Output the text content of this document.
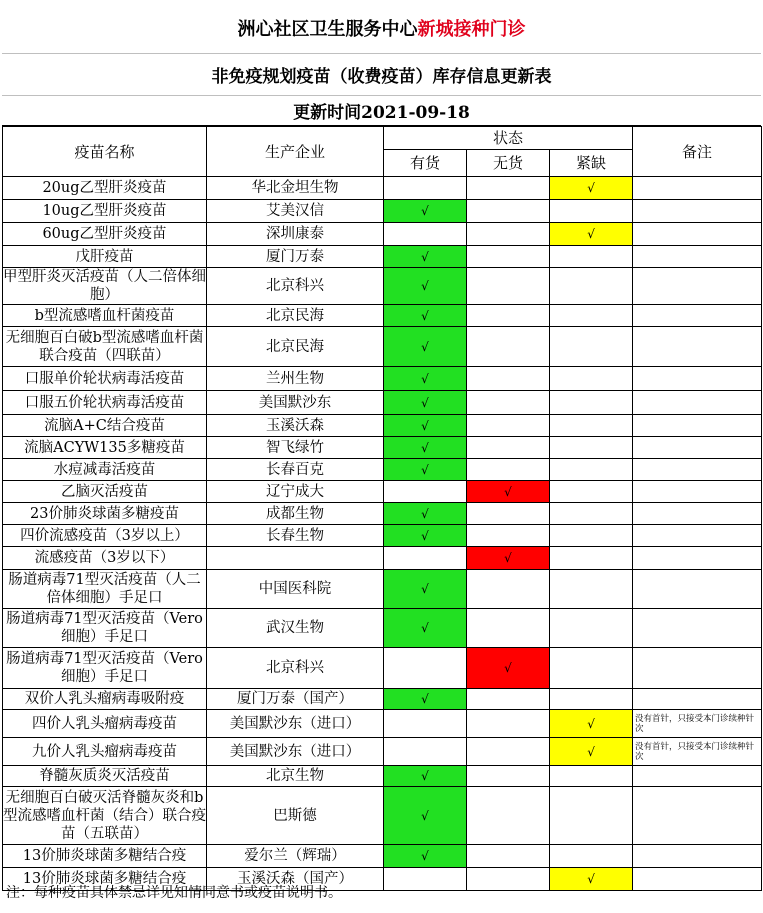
洲心社区卫生服务中心 新城接种门诊
非免疫规划疫苗（收费疫苗）库存信息更新表
更新时间2021-09-18
疫苗名称	生产企业	状态			备注
		有货	无货	紧缺	
20ug乙型肝炎疫苗	华北金坦生物			√	
10ug乙型肝炎疫苗	艾美汉信	√			
60ug乙型肝炎疫苗	深圳康泰			√	
戊肝疫苗	厦门万泰	√			
甲型肝炎灭活疫苗（人二倍体细胞）	北京科兴	√			
b型流感嗜血杆菌疫苗	北京民海	√			
无细胞百白破b型流感嗜血杆菌联合疫苗（四联苗）	北京民海	√			
口服单价轮状病毒活疫苗	兰州生物	√			
口服五价轮状病毒活疫苗	美国默沙东	√			
流脑A+C结合疫苗	玉溪沃森	√			
流脑ACYW135多糖疫苗	智飞绿竹	√			
水痘减毒活疫苗	长春百克	√			
乙脑灭活疫苗	辽宁成大		√		
23价肺炎球菌多糖疫苗	成都生物	√			
四价流感疫苗（3岁以上）	长春生物	√			
流感疫苗（3岁以下）			√		
肠道病毒71型灭活疫苗（人二倍体细胞）手足口	中国医科院	√			
肠道病毒71型灭活疫苗（Vero细胞）手足口	武汉生物	√			
肠道病毒71型灭活疫苗（Vero细胞）手足口	北京科兴		√		
双价人乳头瘤病毒吸附疫	厦门万泰（国产）	√			
四价人乳头瘤病毒疫苗	美国默沙东（进口）			√	没有首针，只接受本门诊续种针次
九价人乳头瘤病毒疫苗	美国默沙东（进口）			√	没有首针，只接受本门诊续种针次
脊髓灰质炎灭活疫苗	北京生物	√			
无细胞百白破灭活脊髓灰炎和b型流感嗜血杆菌（结合）联合疫苗（五联苗）	巴斯德	√			
13价肺炎球菌多糖结合疫	爱尔兰（辉瑞）	√			
13价肺炎球菌多糖结合疫	玉溪沃森（国产）			√	
注：每种疫苗具体禁忌详见知情同意书或疫苗说明书。
